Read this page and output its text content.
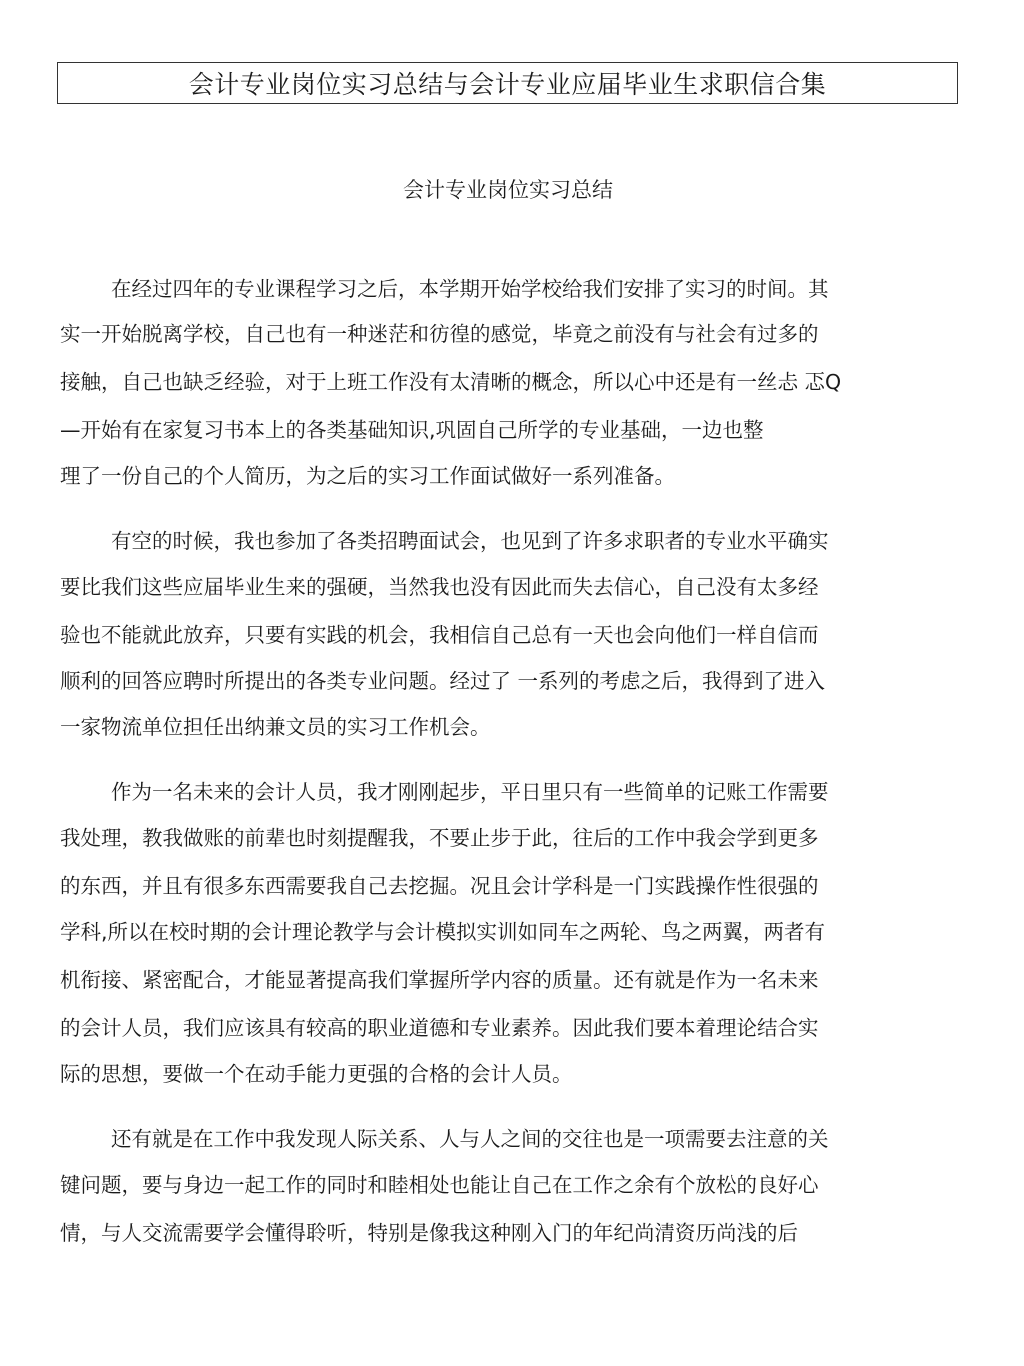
会计专业岗位实习总结与会计专业应届毕业生求职信合集
会计专业岗位实习总结
在经过四年的专业课程学习之后，本学期开始学校给我们安排了实习的时间。其
实一开始脱离学校，自己也有一种迷茫和彷徨的感觉，毕竟之前没有与社会有过多的
接触，自己也缺乏经验，对于上班工作没有太清晰的概念，所以心中还是有一丝忐 忑Q
—开始有在家复习书本上的各类基础知识,巩固自己所学的专业基础，一边也整
理了一份自己的个人简历，为之后的实习工作面试做好一系列准备。
有空的时候，我也参加了各类招聘面试会，也见到了许多求职者的专业水平确实
要比我们这些应届毕业生来的强硬，当然我也没有因此而失去信心，自己没有太多经
验也不能就此放弃，只要有实践的机会，我相信自己总有一天也会向他们一样自信而
顺利的回答应聘时所提出的各类专业问题。经过了 一系列的考虑之后，我得到了进入
一家物流单位担任出纳兼文员的实习工作机会。
作为一名未来的会计人员，我才刚刚起步，平日里只有一些简单的记账工作需要
我处理，教我做账的前辈也时刻提醒我，不要止步于此，往后的工作中我会学到更多
的东西，并且有很多东西需要我自己去挖掘。况且会计学科是一门实践操作性很强的
学科,所以在校时期的会计理论教学与会计模拟实训如同车之两轮、鸟之两翼，两者有
机衔接、紧密配合，才能显著提高我们掌握所学内容的质量。还有就是作为一名未来
的会计人员，我们应该具有较高的职业道德和专业素养。因此我们要本着理论结合实
际的思想，要做一个在动手能力更强的合格的会计人员。
还有就是在工作中我发现人际关系、人与人之间的交往也是一项需要去注意的关
键问题，要与身边一起工作的同时和睦相处也能让自己在工作之余有个放松的良好心
情，与人交流需要学会懂得聆听，特别是像我这种刚入门的年纪尚清资历尚浅的后
